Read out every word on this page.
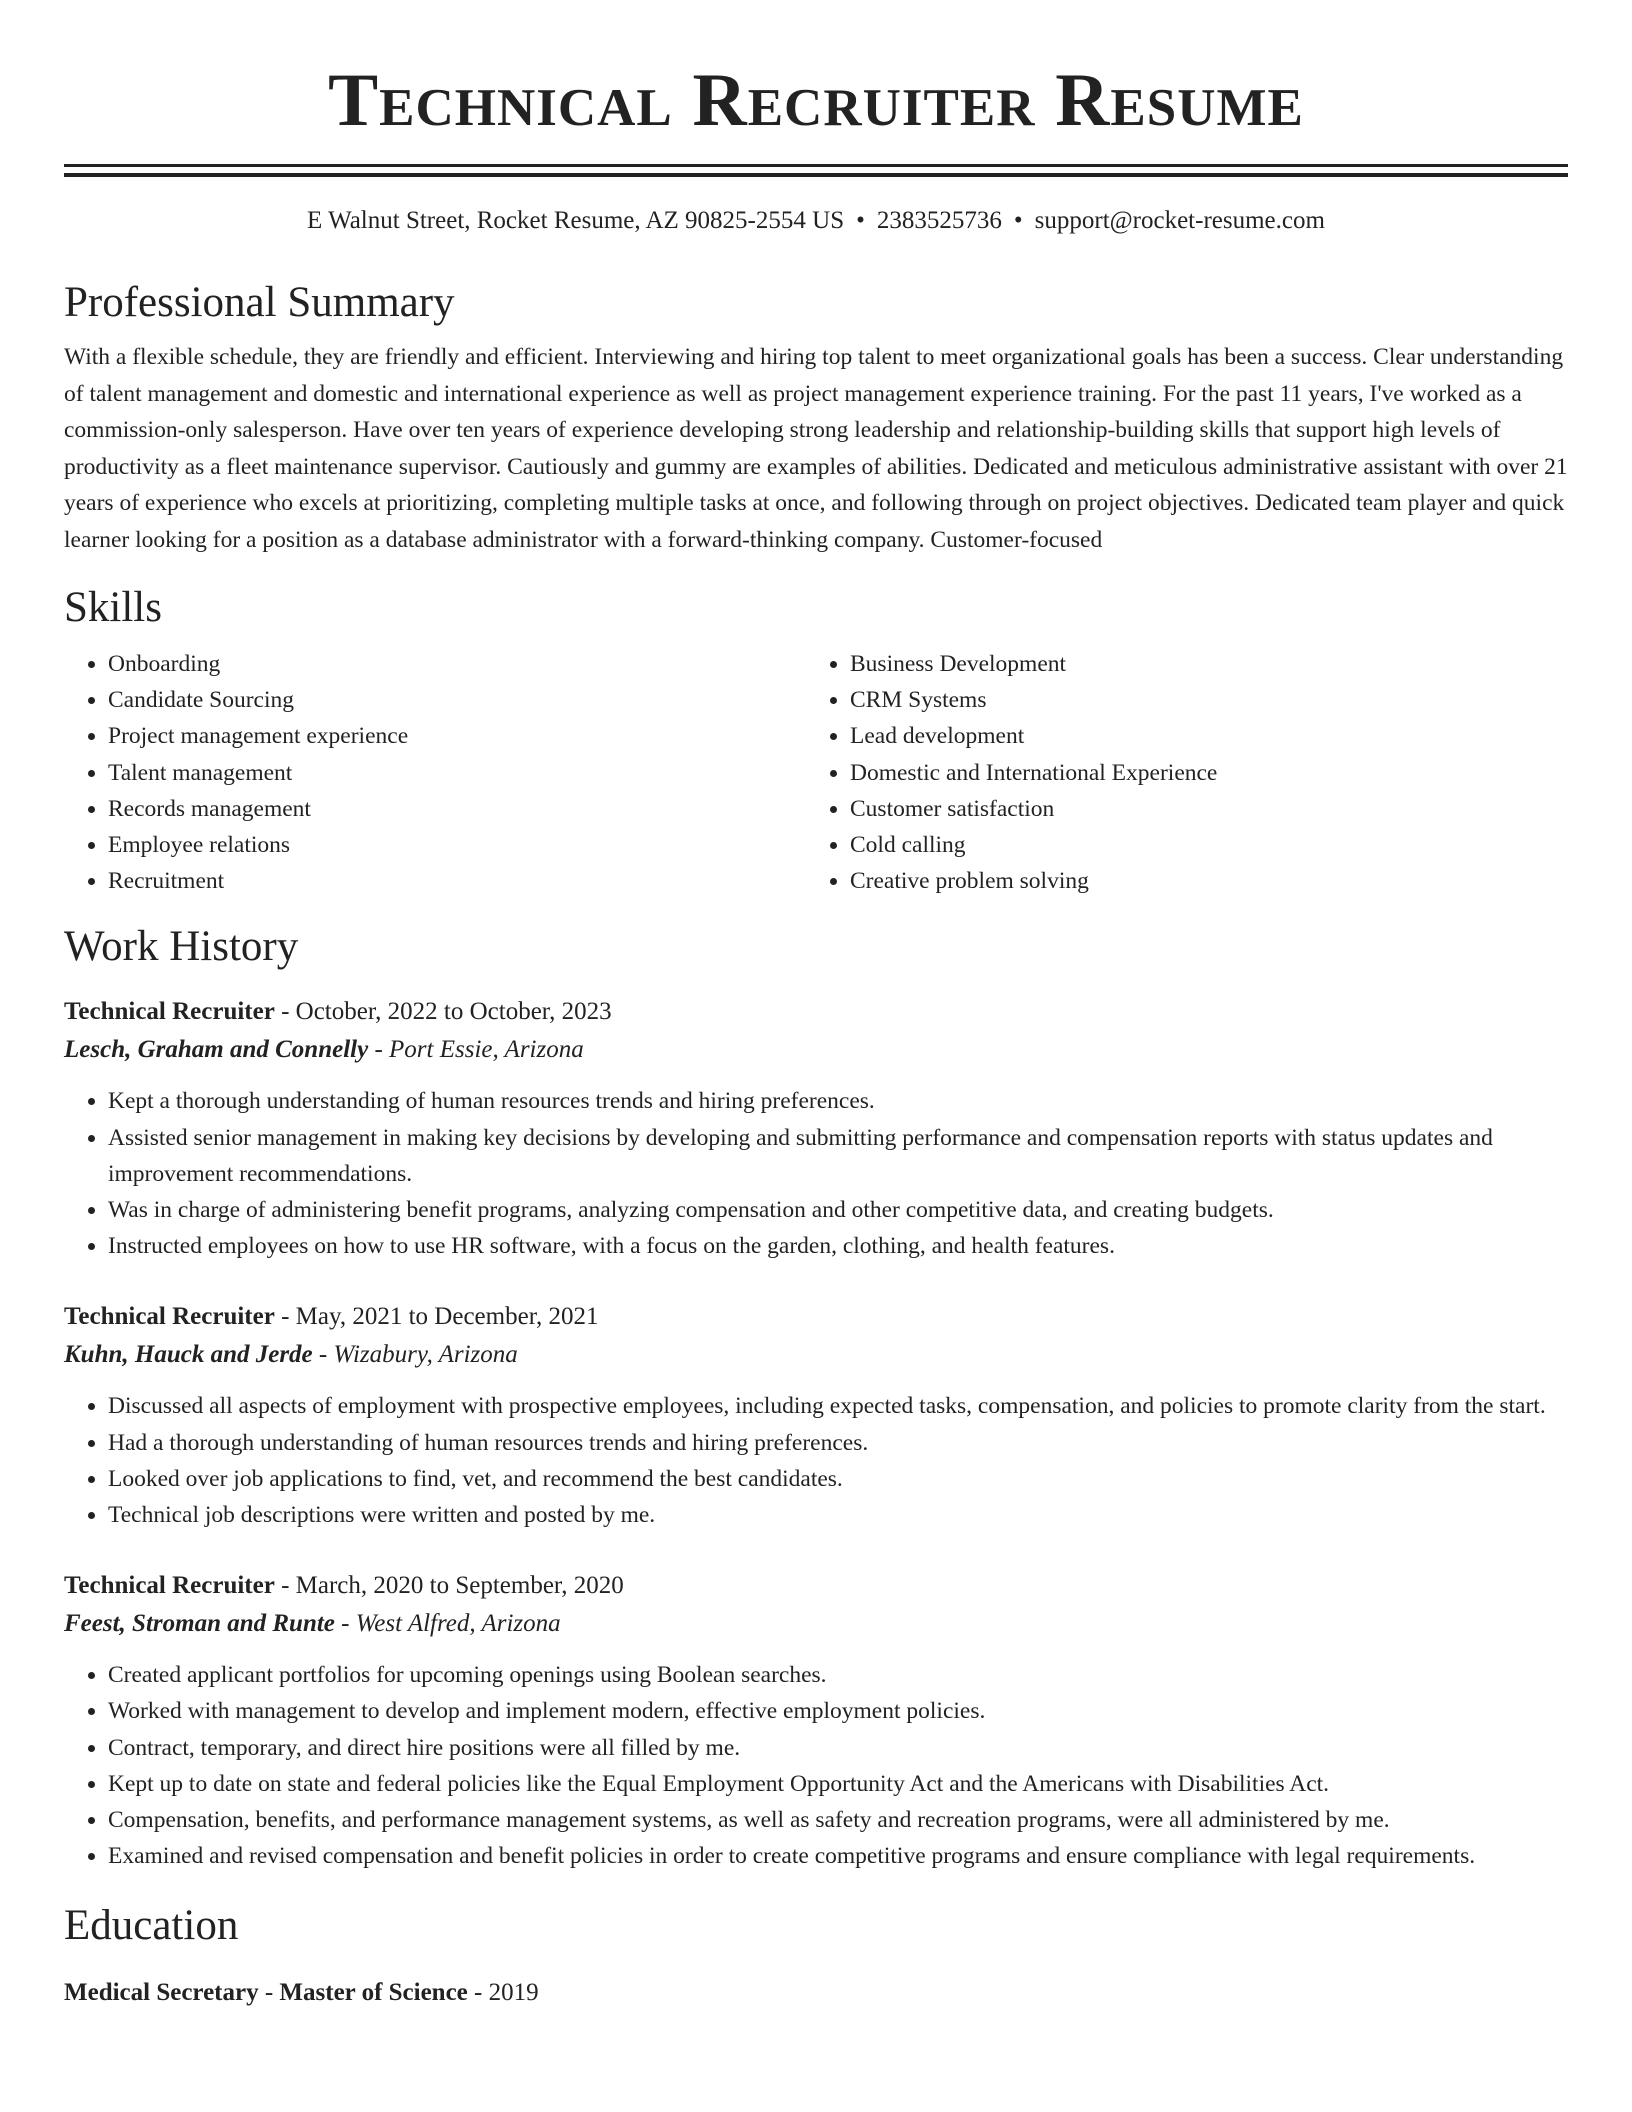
Technical Recruiter Resume
E Walnut Street, Rocket Resume, AZ 90825-2554 US • 2383525736 • support@rocket-resume.com
Professional Summary

With a flexible schedule, they are friendly and efficient. Interviewing and hiring top talent to meet organizational goals has been a success. Clear understanding of talent management and domestic and international experience as well as project management experience training. For the past 11 years, I've worked as a commission-only salesperson. Have over ten years of experience developing strong leadership and relationship-building skills that support high levels of productivity as a fleet maintenance supervisor. Cautiously and gummy are examples of abilities. Dedicated and meticulous administrative assistant with over 21 years of experience who excels at prioritizing, completing multiple tasks at once, and following through on project objectives. Dedicated team player and quick learner looking for a position as a database administrator with a forward-thinking company. Customer-focused

Skills
• Onboarding
• Candidate Sourcing
• Project management experience
• Talent management
• Records management
• Employee relations
• Recruitment
• Business Development
• CRM Systems
• Lead development
• Domestic and International Experience
• Customer satisfaction
• Cold calling
• Creative problem solving
Work History
Technical Recruiter - October, 2022 to October, 2023
Lesch, Graham and Connelly - Port Essie, Arizona
• Kept a thorough understanding of human resources trends and hiring preferences.
• Assisted senior management in making key decisions by developing and submitting performance and compensation reports with status updates and improvement recommendations.
• Was in charge of administering benefit programs, analyzing compensation and other competitive data, and creating budgets.
• Instructed employees on how to use HR software, with a focus on the garden, clothing, and health features.
Technical Recruiter - May, 2021 to December, 2021
Kuhn, Hauck and Jerde - Wizabury, Arizona
• Discussed all aspects of employment with prospective employees, including expected tasks, compensation, and policies to promote clarity from the start.
• Had a thorough understanding of human resources trends and hiring preferences.
• Looked over job applications to find, vet, and recommend the best candidates.
• Technical job descriptions were written and posted by me.
Technical Recruiter - March, 2020 to September, 2020
Feest, Stroman and Runte - West Alfred, Arizona
• Created applicant portfolios for upcoming openings using Boolean searches.
• Worked with management to develop and implement modern, effective employment policies.
• Contract, temporary, and direct hire positions were all filled by me.
• Kept up to date on state and federal policies like the Equal Employment Opportunity Act and the Americans with Disabilities Act.
• Compensation, benefits, and performance management systems, as well as safety and recreation programs, were all administered by me.
• Examined and revised compensation and benefit policies in order to create competitive programs and ensure compliance with legal requirements.
Education
Medical Secretary - Master of Science - 2019
